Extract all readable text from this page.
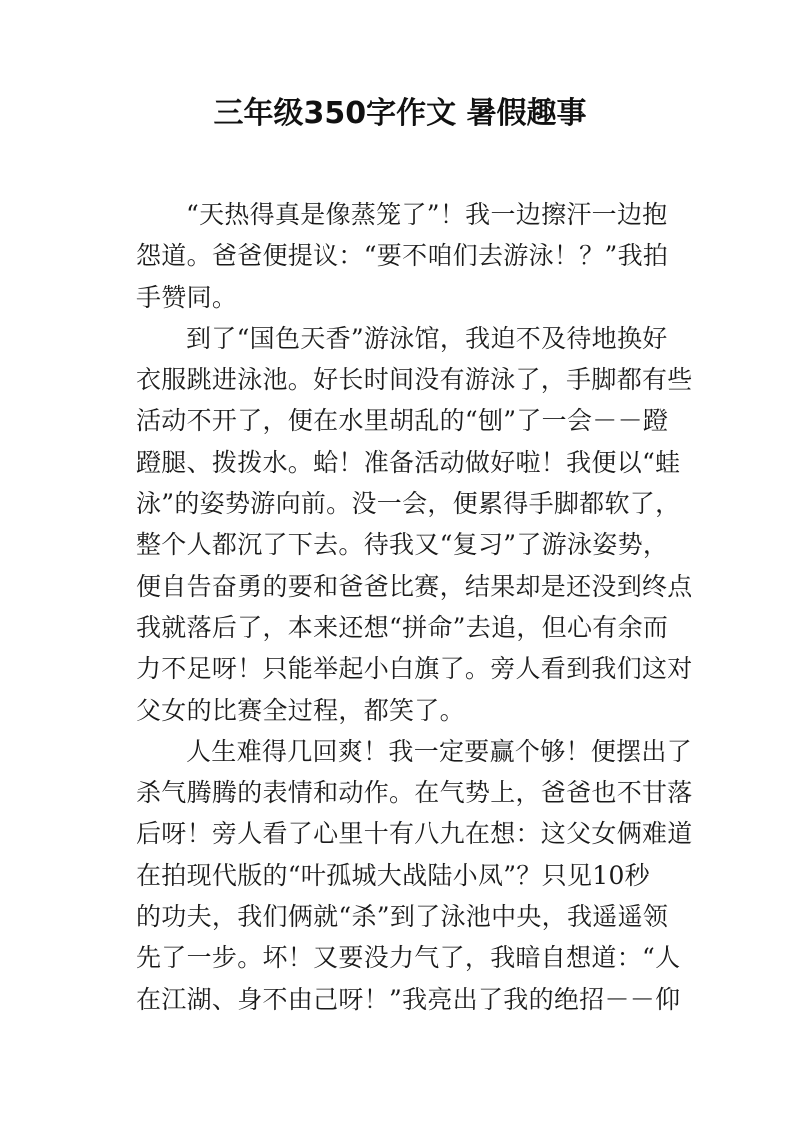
三年级350字作文 暑假趣事
“天热得真是像蒸笼了”！我一边擦汗一边抱
怨道。爸爸便提议：“要不咱们去游泳！？”我拍
手赞同。
到了“国色天香”游泳馆，我迫不及待地换好
衣服跳进泳池。好长时间没有游泳了，手脚都有些
活动不开了，便在水里胡乱的“刨”了一会－－蹬
蹬腿、拨拨水。蛤！准备活动做好啦！我便以“蛙
泳”的姿势游向前。没一会，便累得手脚都软了，
整个人都沉了下去。待我又“复习”了游泳姿势，
便自告奋勇的要和爸爸比赛，结果却是还没到终点
我就落后了，本来还想“拼命”去追，但心有余而
力不足呀！只能举起小白旗了。旁人看到我们这对
父女的比赛全过程，都笑了。
人生难得几回爽！我一定要赢个够！便摆出了
杀气腾腾的表情和动作。在气势上，爸爸也不甘落
后呀！旁人看了心里十有八九在想：这父女俩难道
在拍现代版的“叶孤城大战陆小凤”？只见10秒
的功夫，我们俩就“杀”到了泳池中央，我遥遥领
先了一步。坏！又要没力气了，我暗自想道：“人
在江湖、身不由己呀！”我亮出了我的绝招－－仰
